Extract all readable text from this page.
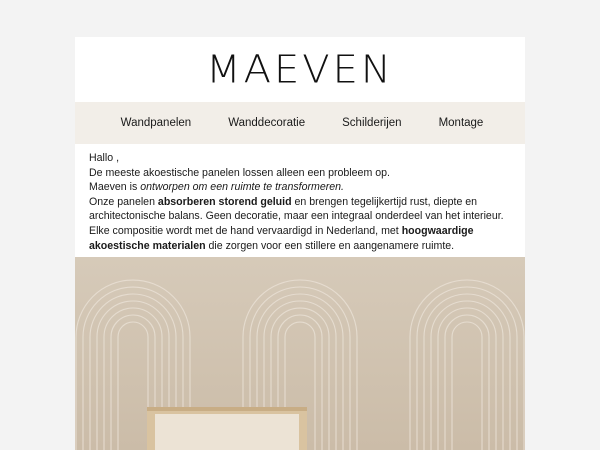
MAEVEN
Wandpanelen	Wanddecoratie	Schilderijen	Montage

Hallo ,

De meeste akoestische panelen lossen alleen een probleem op.

Maeven is ontworpen om een ruimte te transformeren.

Onze panelen absorberen storend geluid en brengen tegelijkertijd rust, diepte en architectonische balans. Geen decoratie, maar een integraal onderdeel van het interieur.

Elke compositie wordt met de hand vervaardigd in Nederland, met hoogwaardige akoestische materialen die zorgen voor een stillere en aangenamere ruimte.
